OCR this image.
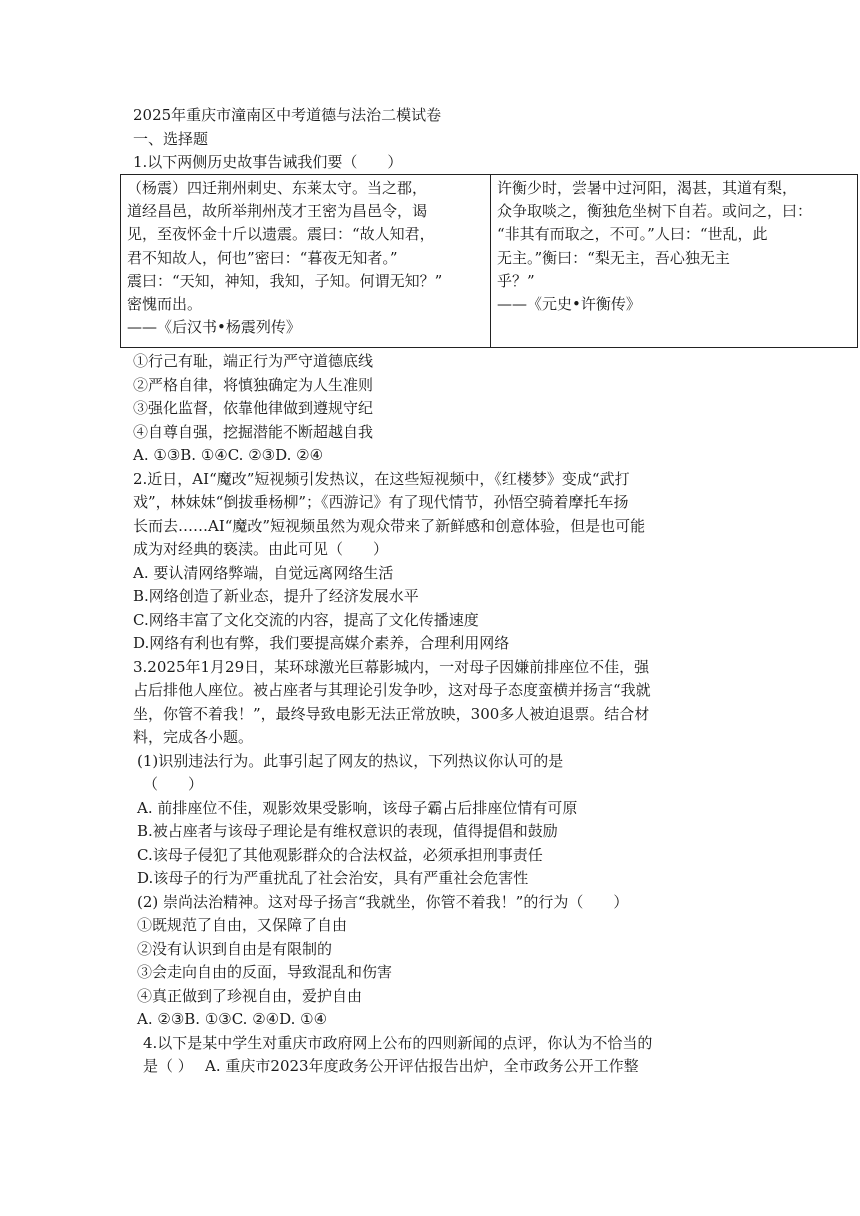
2025年重庆市潼南区中考道德与法治二模试卷
一、选择题
1.以下两侧历史故事告诫我们要（　　）
（杨震）四迁荆州刺史、东莱太守。当之郡，
道经昌邑，故所举荆州茂才王密为昌邑令，谒
见，至夜怀金十斤以遗震。震曰：“故人知君，
君不知故人，何也”密曰：“暮夜无知者。”
震曰：“天知，神知，我知，子知。何谓无知？”
密愧而出。
——《后汉书•杨震列传》

许衡少时，尝暑中过河阳，渴甚，其道有梨，
众争取啖之，衡独危坐树下自若。或问之，曰：
“非其有而取之，不可。”人曰：“世乱，此
无主。”衡曰：“梨无主，吾心独无主
乎？”
——《元史•许衡传》
①行己有耻，端正行为严守道德底线
②严格自律，将慎独确定为人生准则
③强化监督，依靠他律做到遵规守纪
④自尊自强，挖掘潜能不断超越自我
A. ①③B. ①④C. ②③D. ②④
2.近日，AI“魔改”短视频引发热议，在这些短视频中，《红楼梦》变成“武打
戏”，林妹妹“倒拔垂杨柳”；《西游记》有了现代情节，孙悟空骑着摩托车扬
长而去……AI“魔改”短视频虽然为观众带来了新鲜感和创意体验，但是也可能
成为对经典的亵渎。由此可见（　　）
A. 要认清网络弊端，自觉远离网络生活
B.网络创造了新业态，提升了经济发展水平
C.网络丰富了文化交流的内容，提高了文化传播速度
D.网络有利也有弊，我们要提高媒介素养，合理利用网络
3.2025年1月29日，某环球激光巨幕影城内，一对母子因嫌前排座位不佳，强
占后排他人座位。被占座者与其理论引发争吵，这对母子态度蛮横并扬言“我就
坐，你管不着我！”，最终导致电影无法正常放映，300多人被迫退票。结合材
料，完成各小题。
(1)识别违法行为。此事引起了网友的热议，下列热议你认可的是
（　　）
A. 前排座位不佳，观影效果受影响，该母子霸占后排座位情有可原
B.被占座者与该母子理论是有维权意识的表现，值得提倡和鼓励
C.该母子侵犯了其他观影群众的合法权益，必须承担刑事责任
D.该母子的行为严重扰乱了社会治安，具有严重社会危害性
(2) 崇尚法治精神。这对母子扬言“我就坐，你管不着我！”的行为（　　）
①既规范了自由，又保障了自由
②没有认识到自由是有限制的
③会走向自由的反面，导致混乱和伤害
④真正做到了珍视自由，爱护自由
A. ②③B. ①③C. ②④D. ①④
4.以下是某中学生对重庆市政府网上公布的四则新闻的点评，你认为不恰当的
是（ ）　 A. 重庆市2023年度政务公开评估报告出炉，全市政务公开工作整
